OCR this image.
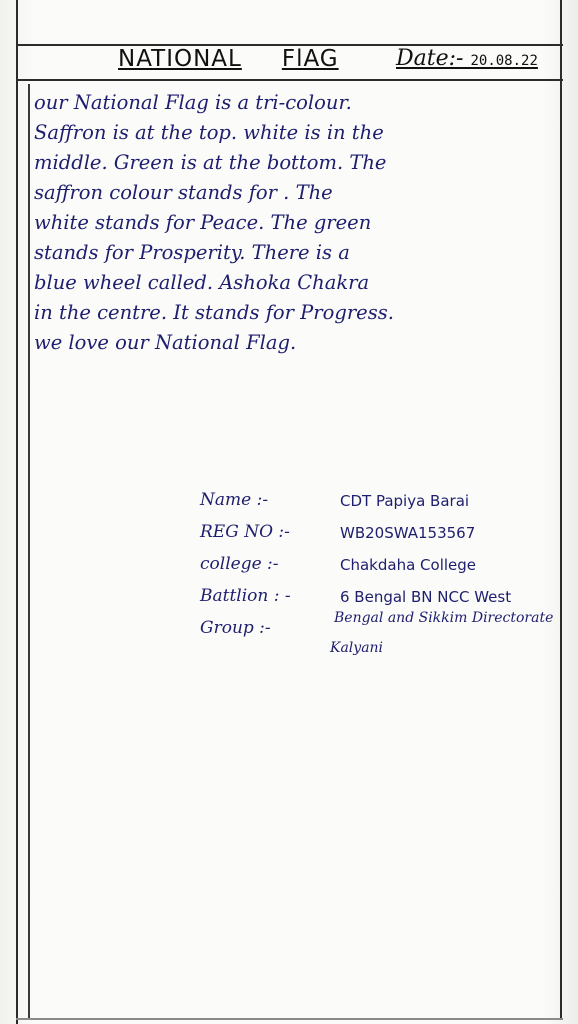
NATIONAL FlAG	Date:- 20.08.22
our National Flag is a tri-colour.
Saffron is at the top. white is in the
middle. Green is at the bottom. The
saffron colour stands for . The
white stands for Peace. The green
stands for Prosperity. There is a
blue wheel called. Ashoka Chakra
in the centre. It stands for Progress.
we love our National Flag.
Name :-	CDT Papiya Barai
REG NO :-	WB20SWA153567
college :-	Chakdaha College
Battlion : -	6 Bengal BN NCC West
Group :-	Bengal and Sikkim Directorate
Kalyani
